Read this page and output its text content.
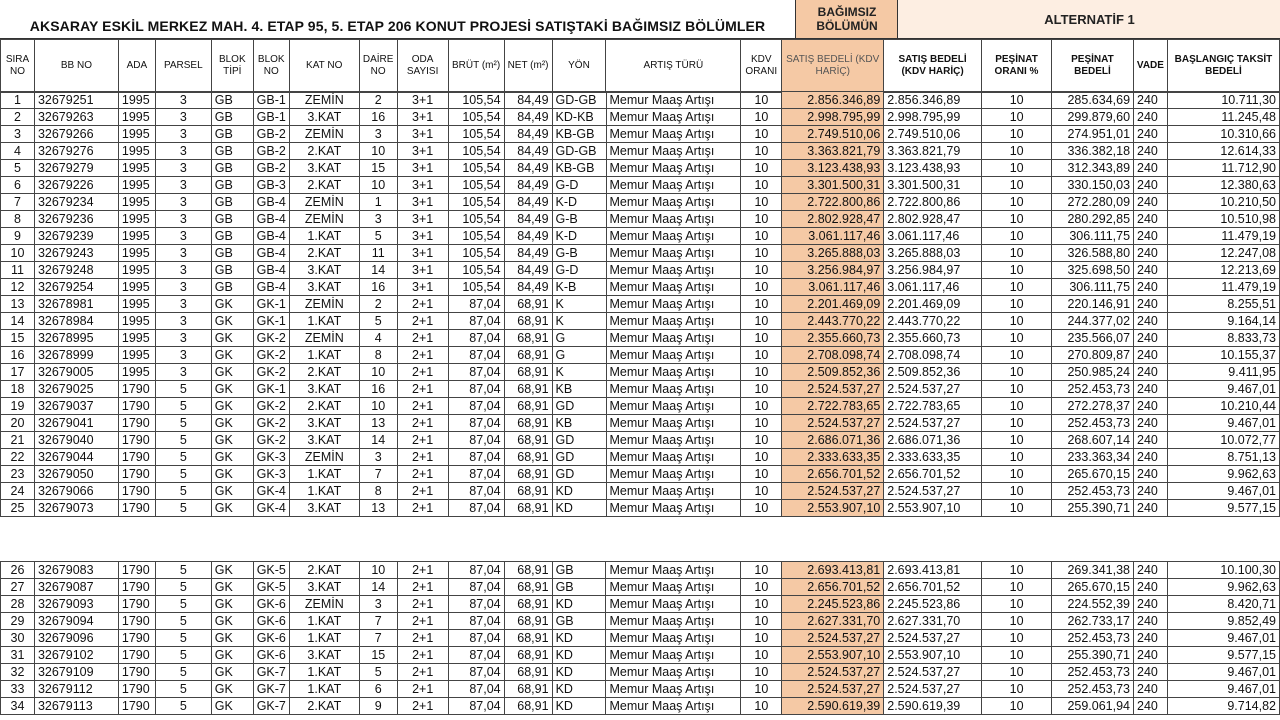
AKSARAY ESKİL MERKEZ MAH. 4. ETAP 95, 5. ETAP 206 KONUT PROJESİ SATIŞTAKİ BAĞIMSIZ BÖLÜMLER
BAĞIMSIZ BÖLÜMÜN	ALTERNATİF 1
SIRA NO	BB NO	ADA	PARSEL	BLOK TİPİ	BLOK NO	KAT NO	DAİRE NO	ODA SAYISI	BRÜT (m²)	NET (m²)	YÖN	ARTIŞ TÜRÜ	KDV ORANI	SATIŞ BEDELİ (KDV HARİÇ)	SATIŞ BEDELİ (KDV HARİÇ)	PEŞİNAT ORANI %	PEŞİNAT BEDELİ	VADE	BAŞLANGIÇ TAKSİT BEDELİ
1	32679251	1995	3	GB	GB-1	ZEMİN	2	3+1	105,54	84,49	GD-GB	Memur Maaş Artışı	10	2.856.346,89	2.856.346,89	10	285.634,69	240	10.711,30
2	32679263	1995	3	GB	GB-1	3.KAT	16	3+1	105,54	84,49	KD-KB	Memur Maaş Artışı	10	2.998.795,99	2.998.795,99	10	299.879,60	240	11.245,48
3	32679266	1995	3	GB	GB-2	ZEMİN	3	3+1	105,54	84,49	KB-GB	Memur Maaş Artışı	10	2.749.510,06	2.749.510,06	10	274.951,01	240	10.310,66
4	32679276	1995	3	GB	GB-2	2.KAT	10	3+1	105,54	84,49	GD-GB	Memur Maaş Artışı	10	3.363.821,79	3.363.821,79	10	336.382,18	240	12.614,33
5	32679279	1995	3	GB	GB-2	3.KAT	15	3+1	105,54	84,49	KB-GB	Memur Maaş Artışı	10	3.123.438,93	3.123.438,93	10	312.343,89	240	11.712,90
6	32679226	1995	3	GB	GB-3	2.KAT	10	3+1	105,54	84,49	G-D	Memur Maaş Artışı	10	3.301.500,31	3.301.500,31	10	330.150,03	240	12.380,63
7	32679234	1995	3	GB	GB-4	ZEMİN	1	3+1	105,54	84,49	K-D	Memur Maaş Artışı	10	2.722.800,86	2.722.800,86	10	272.280,09	240	10.210,50
8	32679236	1995	3	GB	GB-4	ZEMİN	3	3+1	105,54	84,49	G-B	Memur Maaş Artışı	10	2.802.928,47	2.802.928,47	10	280.292,85	240	10.510,98
9	32679239	1995	3	GB	GB-4	1.KAT	5	3+1	105,54	84,49	K-D	Memur Maaş Artışı	10	3.061.117,46	3.061.117,46	10	306.111,75	240	11.479,19
10	32679243	1995	3	GB	GB-4	2.KAT	11	3+1	105,54	84,49	G-B	Memur Maaş Artışı	10	3.265.888,03	3.265.888,03	10	326.588,80	240	12.247,08
11	32679248	1995	3	GB	GB-4	3.KAT	14	3+1	105,54	84,49	G-D	Memur Maaş Artışı	10	3.256.984,97	3.256.984,97	10	325.698,50	240	12.213,69
12	32679254	1995	3	GB	GB-4	3.KAT	16	3+1	105,54	84,49	K-B	Memur Maaş Artışı	10	3.061.117,46	3.061.117,46	10	306.111,75	240	11.479,19
13	32678981	1995	3	GK	GK-1	ZEMİN	2	2+1	87,04	68,91	K	Memur Maaş Artışı	10	2.201.469,09	2.201.469,09	10	220.146,91	240	8.255,51
14	32678984	1995	3	GK	GK-1	1.KAT	5	2+1	87,04	68,91	K	Memur Maaş Artışı	10	2.443.770,22	2.443.770,22	10	244.377,02	240	9.164,14
15	32678995	1995	3	GK	GK-2	ZEMİN	4	2+1	87,04	68,91	G	Memur Maaş Artışı	10	2.355.660,73	2.355.660,73	10	235.566,07	240	8.833,73
16	32678999	1995	3	GK	GK-2	1.KAT	8	2+1	87,04	68,91	G	Memur Maaş Artışı	10	2.708.098,74	2.708.098,74	10	270.809,87	240	10.155,37
17	32679005	1995	3	GK	GK-2	2.KAT	10	2+1	87,04	68,91	K	Memur Maaş Artışı	10	2.509.852,36	2.509.852,36	10	250.985,24	240	9.411,95
18	32679025	1790	5	GK	GK-1	3.KAT	16	2+1	87,04	68,91	KB	Memur Maaş Artışı	10	2.524.537,27	2.524.537,27	10	252.453,73	240	9.467,01
19	32679037	1790	5	GK	GK-2	2.KAT	10	2+1	87,04	68,91	GD	Memur Maaş Artışı	10	2.722.783,65	2.722.783,65	10	272.278,37	240	10.210,44
20	32679041	1790	5	GK	GK-2	3.KAT	13	2+1	87,04	68,91	KB	Memur Maaş Artışı	10	2.524.537,27	2.524.537,27	10	252.453,73	240	9.467,01
21	32679040	1790	5	GK	GK-2	3.KAT	14	2+1	87,04	68,91	GD	Memur Maaş Artışı	10	2.686.071,36	2.686.071,36	10	268.607,14	240	10.072,77
22	32679044	1790	5	GK	GK-3	ZEMİN	3	2+1	87,04	68,91	GD	Memur Maaş Artışı	10	2.333.633,35	2.333.633,35	10	233.363,34	240	8.751,13
23	32679050	1790	5	GK	GK-3	1.KAT	7	2+1	87,04	68,91	GD	Memur Maaş Artışı	10	2.656.701,52	2.656.701,52	10	265.670,15	240	9.962,63
24	32679066	1790	5	GK	GK-4	1.KAT	8	2+1	87,04	68,91	KD	Memur Maaş Artışı	10	2.524.537,27	2.524.537,27	10	252.453,73	240	9.467,01
25	32679073	1790	5	GK	GK-4	3.KAT	13	2+1	87,04	68,91	KD	Memur Maaş Artışı	10	2.553.907,10	2.553.907,10	10	255.390,71	240	9.577,15
26	32679083	1790	5	GK	GK-5	2.KAT	10	2+1	87,04	68,91	GB	Memur Maaş Artışı	10	2.693.413,81	2.693.413,81	10	269.341,38	240	10.100,30
27	32679087	1790	5	GK	GK-5	3.KAT	14	2+1	87,04	68,91	GB	Memur Maaş Artışı	10	2.656.701,52	2.656.701,52	10	265.670,15	240	9.962,63
28	32679093	1790	5	GK	GK-6	ZEMİN	3	2+1	87,04	68,91	KD	Memur Maaş Artışı	10	2.245.523,86	2.245.523,86	10	224.552,39	240	8.420,71
29	32679094	1790	5	GK	GK-6	1.KAT	7	2+1	87,04	68,91	GB	Memur Maaş Artışı	10	2.627.331,70	2.627.331,70	10	262.733,17	240	9.852,49
30	32679096	1790	5	GK	GK-6	1.KAT	7	2+1	87,04	68,91	KD	Memur Maaş Artışı	10	2.524.537,27	2.524.537,27	10	252.453,73	240	9.467,01
31	32679102	1790	5	GK	GK-6	3.KAT	15	2+1	87,04	68,91	KD	Memur Maaş Artışı	10	2.553.907,10	2.553.907,10	10	255.390,71	240	9.577,15
32	32679109	1790	5	GK	GK-7	1.KAT	5	2+1	87,04	68,91	KD	Memur Maaş Artışı	10	2.524.537,27	2.524.537,27	10	252.453,73	240	9.467,01
33	32679112	1790	5	GK	GK-7	1.KAT	6	2+1	87,04	68,91	KD	Memur Maaş Artışı	10	2.524.537,27	2.524.537,27	10	252.453,73	240	9.467,01
34	32679113	1790	5	GK	GK-7	2.KAT	9	2+1	87,04	68,91	KD	Memur Maaş Artışı	10	2.590.619,39	2.590.619,39	10	259.061,94	240	9.714,82
